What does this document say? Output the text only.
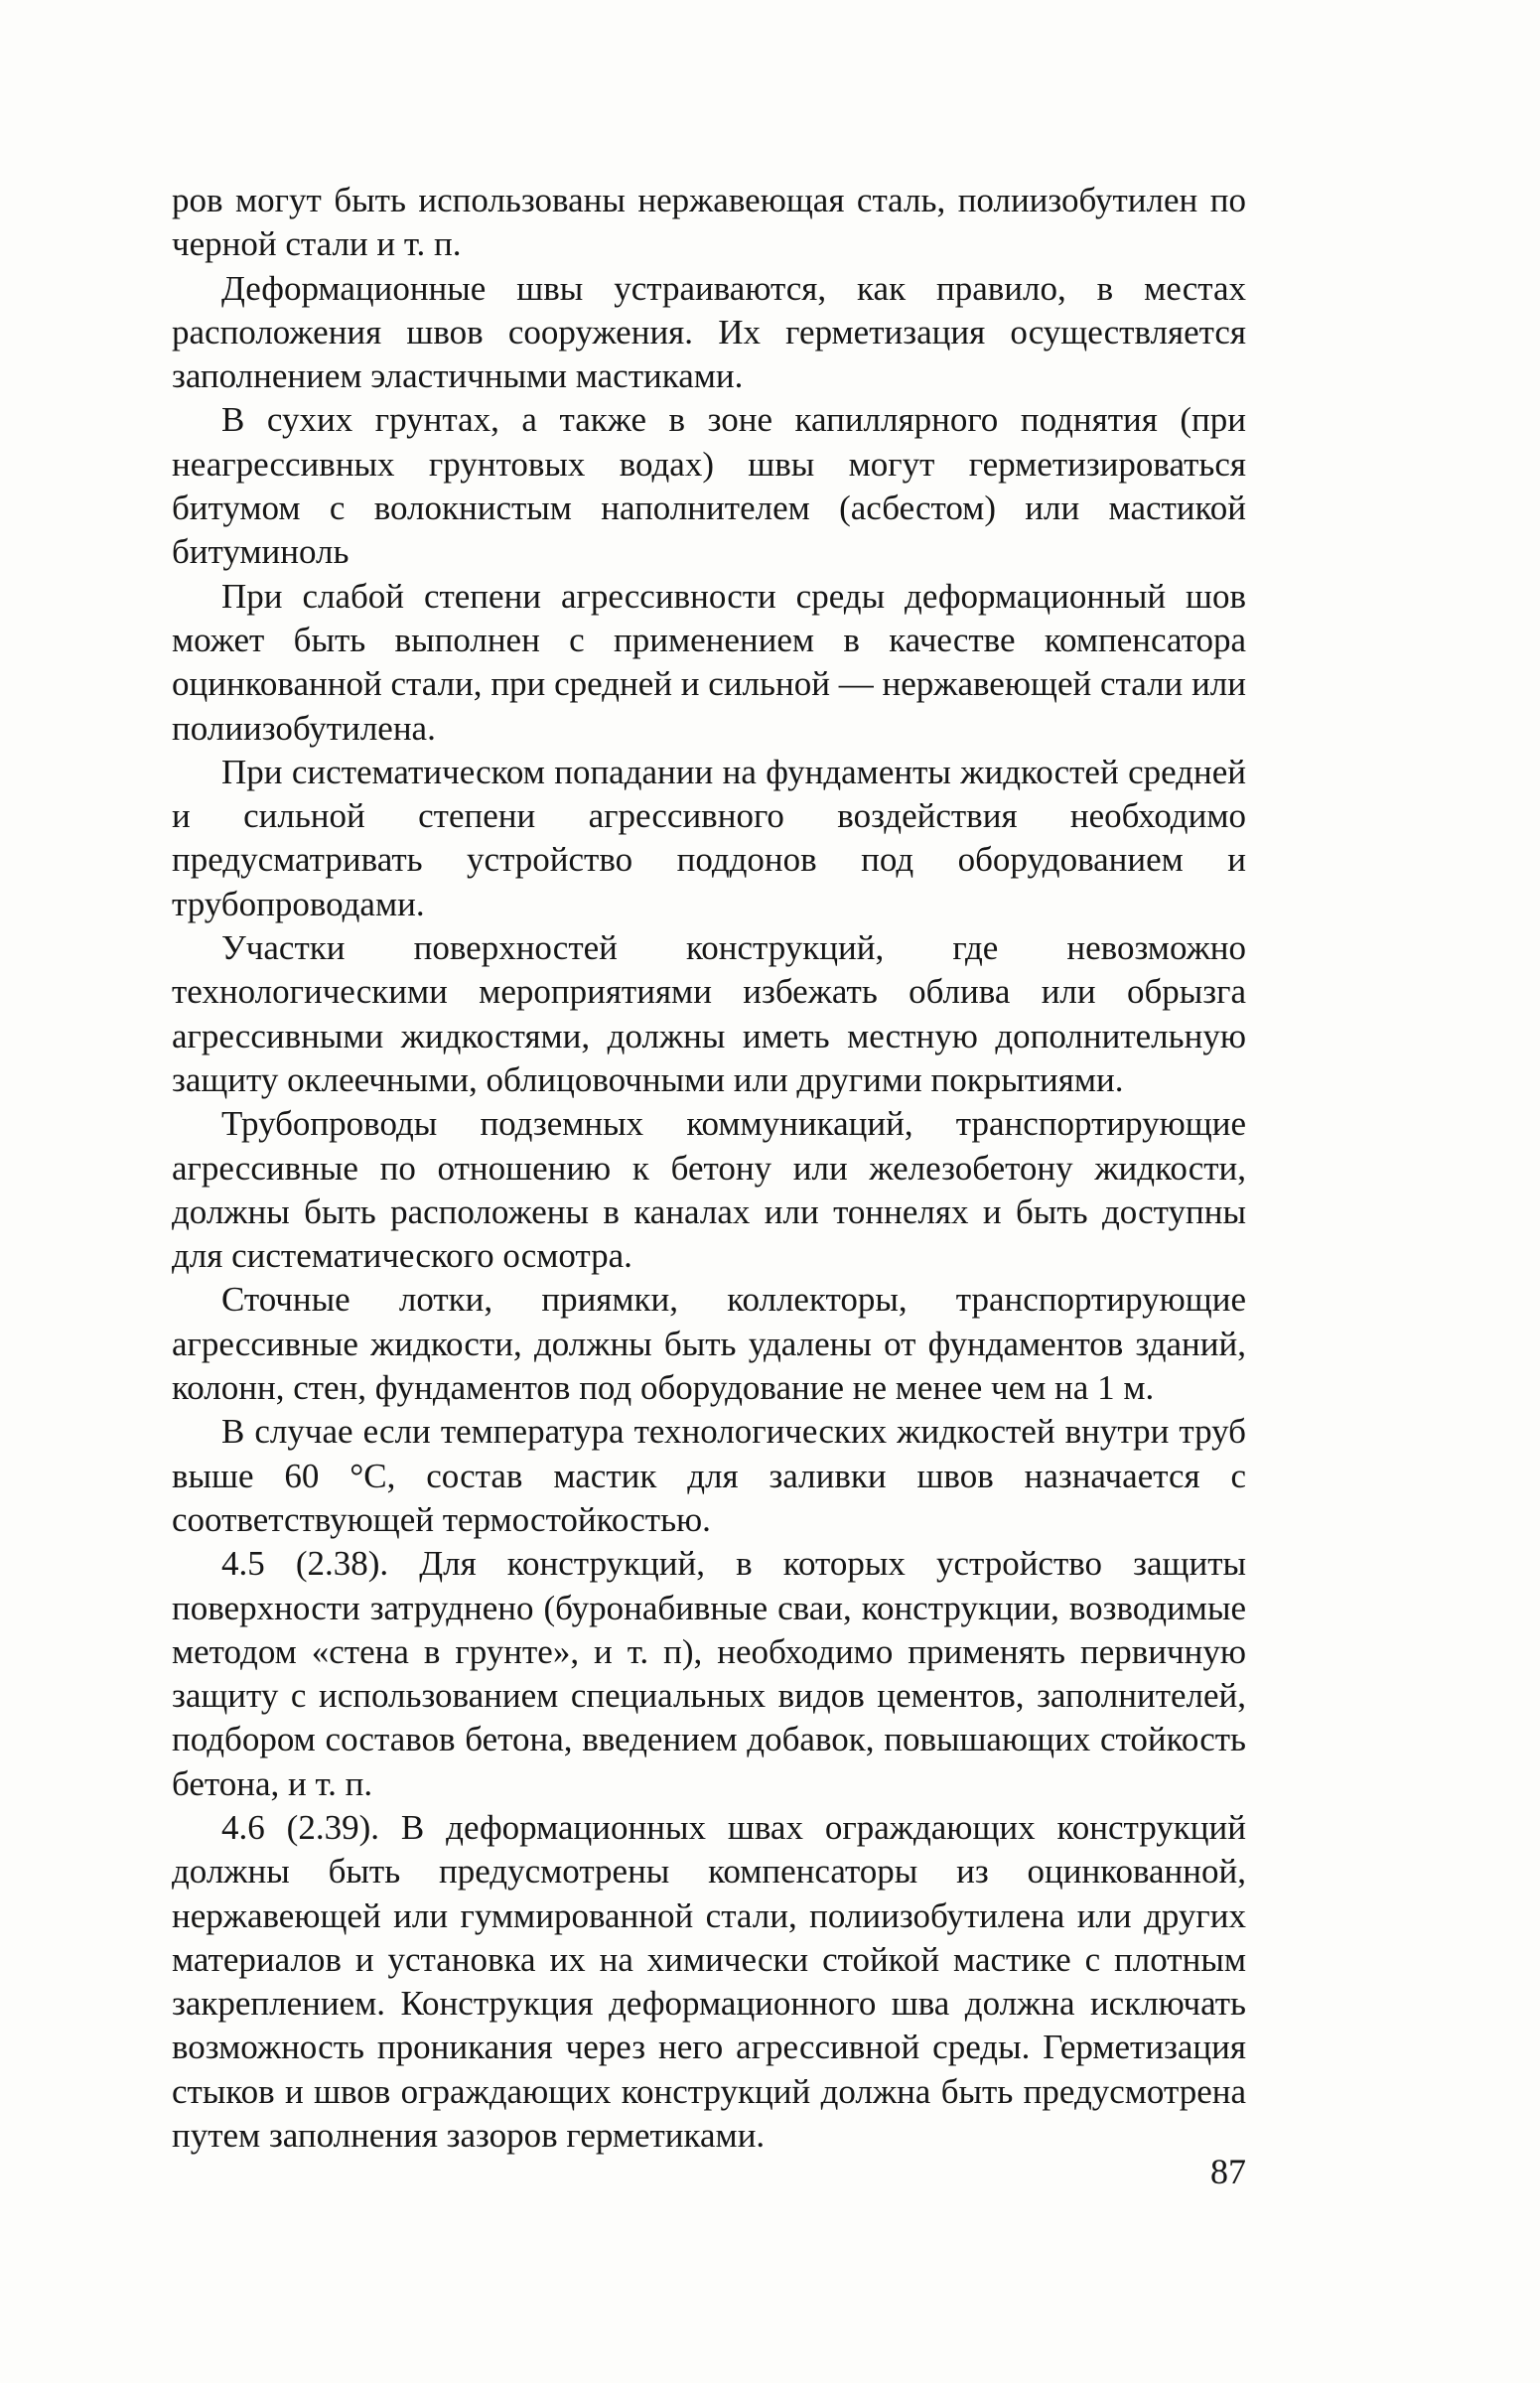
ров могут быть использованы нержавеющая сталь, полиизобутилен по черной стали и т. п.

Деформационные швы устраиваются, как правило, в местах расположения швов сооружения. Их герметизация осуществляется заполнением эластичными мастиками.

В сухих грунтах, а также в зоне капиллярного поднятия (при неагрессивных грунтовых водах) швы могут герметизироваться битумом с волокнистым наполнителем (асбестом) или мастикой битуминоль

При слабой степени агрессивности среды деформационный шов может быть выполнен с применением в качестве компенсатора оцинкованной стали, при средней и сильной — нержавеющей стали или полиизобутилена.

При систематическом попадании на фундаменты жидкостей средней и сильной степени агрессивного воздействия необходимо предусматривать устройство поддонов под оборудованием и трубопроводами.

Участки поверхностей конструкций, где невозможно технологическими мероприятиями избежать облива или обрызга агрессивными жидкостями, должны иметь местную дополнительную защиту оклеечными, облицовочными или другими покрытиями.

Трубопроводы подземных коммуникаций, транспортирующие агрессивные по отношению к бетону или железобетону жидкости, должны быть расположены в каналах или тоннелях и быть доступны для систематического осмотра.

Сточные лотки, приямки, коллекторы, транспортирующие агрессивные жидкости, должны быть удалены от фундаментов зданий, колонн, стен, фундаментов под оборудование не менее чем на 1 м.

В случае если температура технологических жидкостей внутри труб выше 60 °С, состав мастик для заливки швов назначается с соответствующей термостойкостью.

4.5 (2.38). Для конструкций, в которых устройство защиты поверхности затруднено (буронабивные сваи, конструкции, возводимые методом «стена в грунте», и т. п), необходимо применять первичную защиту с использованием специальных видов цементов, заполнителей, подбором составов бетона, введением добавок, повышающих стойкость бетона, и т. п.

4.6 (2.39). В деформационных швах ограждающих конструкций должны быть предусмотрены компенсаторы из оцинкованной, нержавеющей или гуммированной стали, полиизобутилена или других материалов и установка их на химически стойкой мастике с плотным закреплением. Конструкция деформационного шва должна исключать возможность проникания через него агрессивной среды. Герметизация стыков и швов ограждающих конструкций должна быть предусмотрена путем заполнения зазоров герметиками.

87
